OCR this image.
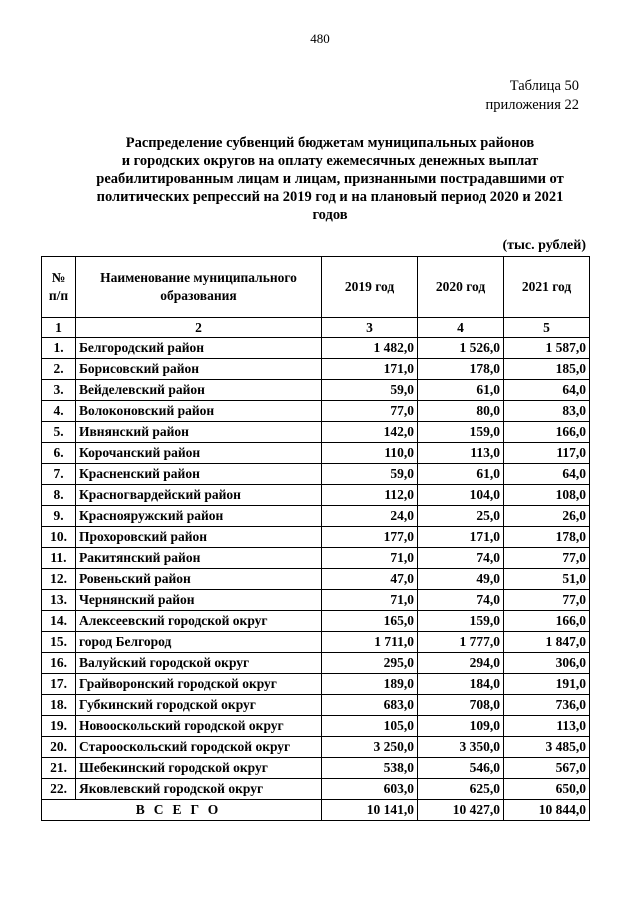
480
Таблица 50
приложения 22
Распределение субвенций бюджетам муниципальных районов
и городских округов на оплату ежемесячных денежных выплат
реабилитированным лицам и лицам, признанными пострадавшими от
политических репрессий на 2019 год и на плановый период 2020 и 2021
годов
(тыс. рублей)
№ п/п	Наименование муниципального образования	2019 год	2020 год	2021 год
1	2	3	4	5
1.	Белгородский район	1 482,0	1 526,0	1 587,0
2.	Борисовский район	171,0	178,0	185,0
3.	Вейделевский район	59,0	61,0	64,0
4.	Волоконовский район	77,0	80,0	83,0
5.	Ивнянский район	142,0	159,0	166,0
6.	Корочанский район	110,0	113,0	117,0
7.	Красненский район	59,0	61,0	64,0
8.	Красногвардейский район	112,0	104,0	108,0
9.	Краснояружский район	24,0	25,0	26,0
10.	Прохоровский район	177,0	171,0	178,0
11.	Ракитянский район	71,0	74,0	77,0
12.	Ровеньский район	47,0	49,0	51,0
13.	Чернянский район	71,0	74,0	77,0
14.	Алексеевский городской округ	165,0	159,0	166,0
15.	город Белгород	1 711,0	1 777,0	1 847,0
16.	Валуйский городской округ	295,0	294,0	306,0
17.	Грайворонский городской округ	189,0	184,0	191,0
18.	Губкинский городской округ	683,0	708,0	736,0
19.	Новооскольский городской округ	105,0	109,0	113,0
20.	Старооскольский городской округ	3 250,0	3 350,0	3 485,0
21.	Шебекинский городской округ	538,0	546,0	567,0
22.	Яковлевский городской округ	603,0	625,0	650,0
ВСЕГО		10 141,0	10 427,0	10 844,0
